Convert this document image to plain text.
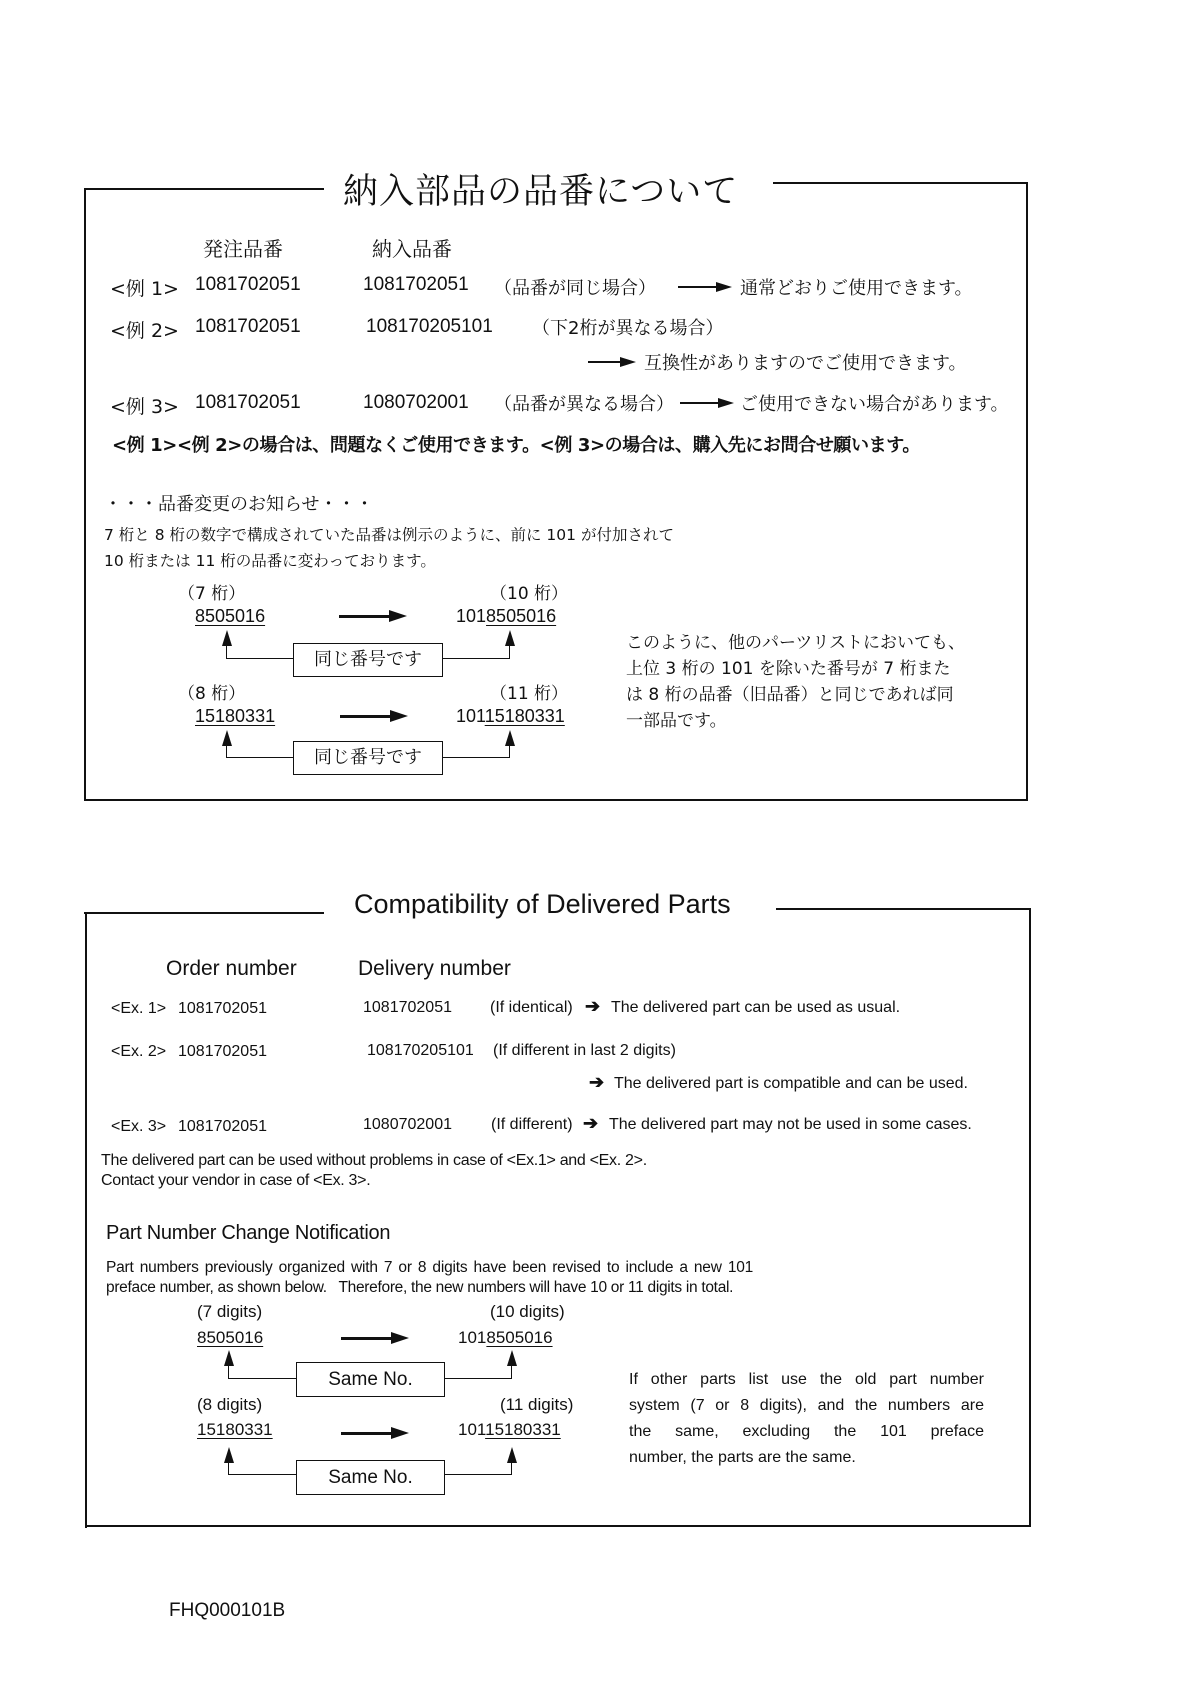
納入部品の品番について
発注品番	納入品番
<例 1> 1081702051	1081702051 （品番が同じ場合）	通常どおりご使用できます。
<例 2> 1081702051	108170205101 （下2桁が異なる場合）
互換性がありますのでご使用できます。
<例 3> 1081702051	1080702001 （品番が異なる場合）	ご使用できない場合があります。
<例 1><例 2>の場合は、問題なくご使用できます。<例 3>の場合は、購入先にお問合せ願います。
・・・品番変更のお知らせ・・・
7 桁と 8 桁の数字で構成されていた品番は例示のように、前に 101 が付加されて
10 桁または 11 桁の品番に変わっております。
（7 桁）	（10 桁）
8505016	1018505016
同じ番号です
（8 桁）	（11 桁）
15180331	10115180331
同じ番号です
このように、他のパーツリストにおいても、
上位 3 桁の 101 を除いた番号が 7 桁また
は 8 桁の品番（旧品番）と同じであれば同
一部品です。
Compatibility of Delivered Parts
Order number	Delivery number
<Ex. 1> 1081702051	1081702051 (If identical) ➔ The delivered part can be used as usual.
<Ex. 2> 1081702051	108170205101 (If different in last 2 digits)
➔ The delivered part is compatible and can be used.
<Ex. 3> 1081702051	1080702001 (If different) ➔ The delivered part may not be used in some cases.
The delivered part can be used without problems in case of <Ex.1> and <Ex. 2>.
Contact your vendor in case of <Ex. 3>.
Part Number Change Notification
Part numbers previously organized with 7 or 8 digits have been revised to include a new 101
preface number, as shown below.   Therefore, the new numbers will have 10 or 11 digits in total.
(7 digits)	(10 digits)
8505016	1018505016
Same No.
(8 digits)	(11 digits)
15180331	10115180331
Same No.
If other parts list use the old part number
system (7 or 8 digits), and the numbers are
the same, excluding the 101 preface
number, the parts are the same.
FHQ000101B
